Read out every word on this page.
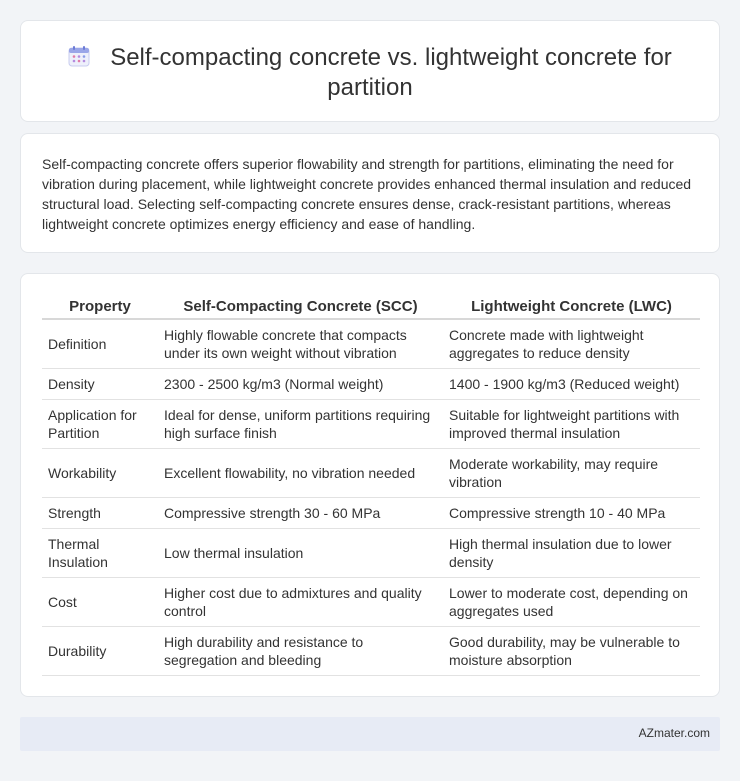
Self-compacting concrete vs. lightweight concrete for partition

Self-compacting concrete offers superior flowability and strength for partitions, eliminating the need for vibration during placement, while lightweight concrete provides enhanced thermal insulation and reduced structural load. Selecting self-compacting concrete ensures dense, crack-resistant partitions, whereas lightweight concrete optimizes energy efficiency and ease of handling.

Property	Self-Compacting Concrete (SCC)	Lightweight Concrete (LWC)
Definition	Highly flowable concrete that compacts under its own weight without vibration	Concrete made with lightweight aggregates to reduce density
Density	2300 - 2500 kg/m3 (Normal weight)	1400 - 1900 kg/m3 (Reduced weight)
Application for Partition	Ideal for dense, uniform partitions requiring high surface finish	Suitable for lightweight partitions with improved thermal insulation
Workability	Excellent flowability, no vibration needed	Moderate workability, may require vibration
Strength	Compressive strength 30 - 60 MPa	Compressive strength 10 - 40 MPa
Thermal Insulation	Low thermal insulation	High thermal insulation due to lower density
Cost	Higher cost due to admixtures and quality control	Lower to moderate cost, depending on aggregates used
Durability	High durability and resistance to segregation and bleeding	Good durability, may be vulnerable to moisture absorption
AZmater.com
